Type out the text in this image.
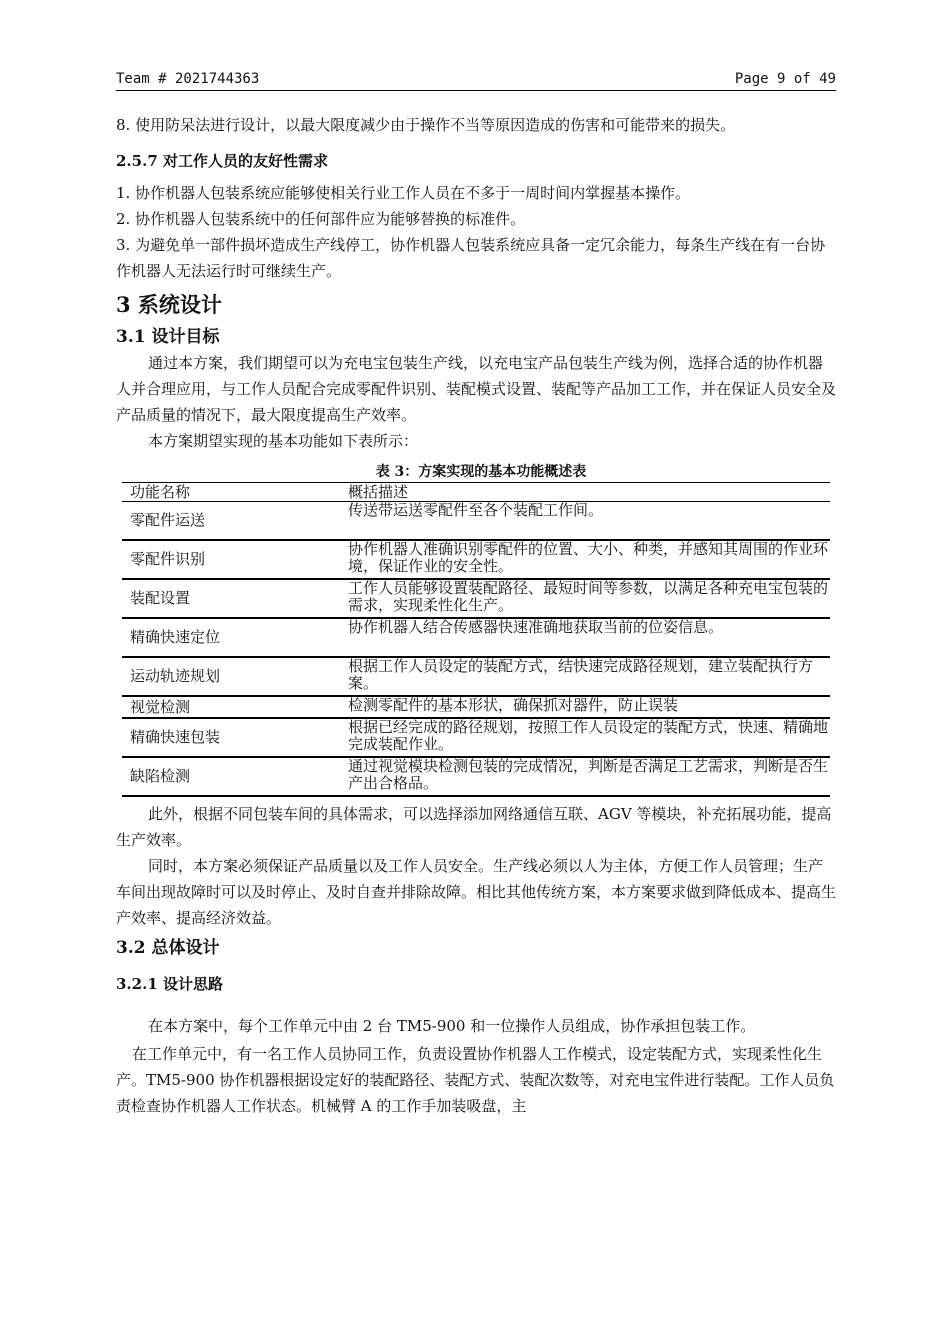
Team # 2021744363	Page 9 of 49

8. 使用防呆法进行设计，以最大限度减少由于操作不当等原因造成的伤害和可能带来的损失。

2.5.7 对工作人员的友好性需求

1. 协作机器人包装系统应能够使相关行业工作人员在不多于一周时间内掌握基本操作。

2. 协作机器人包装系统中的任何部件应为能够替换的标准件。

3. 为避免单一部件损坏造成生产线停工，协作机器人包装系统应具备一定冗余能力，每条生产线在有一台协作机器人无法运行时可继续生产。

3 系统设计
3.1 设计目标

通过本方案，我们期望可以为充电宝包装生产线，以充电宝产品包装生产线为例，选择合适的协作机器人并合理应用，与工作人员配合完成零配件识别、装配模式设置、装配等产品加工工作，并在保证人员安全及产品质量的情况下，最大限度提高生产效率。

本方案期望实现的基本功能如下表所示：

表 3：方案实现的基本功能概述表
功能名称	概括描述
零配件运送	传送带运送零配件至各个装配工作间。
零配件识别	协作机器人准确识别零配件的位置、大小、种类，并感知其周围的作业环境，保证作业的安全性。
装配设置	工作人员能够设置装配路径、最短时间等参数，以满足各种充电宝包装的需求，实现柔性化生产。
精确快速定位	协作机器人结合传感器快速准确地获取当前的位姿信息。
运动轨迹规划	根据工作人员设定的装配方式，结快速完成路径规划，建立装配执行方案。
视觉检测	检测零配件的基本形状，确保抓对器件，防止误装
精确快速包装	根据已经完成的路径规划，按照工作人员设定的装配方式，快速、精确地完成装配作业。
缺陷检测	通过视觉模块检测包装的完成情况，判断是否满足工艺需求，判断是否生产出合格品。

此外，根据不同包装车间的具体需求，可以选择添加网络通信互联、AGV 等模块，补充拓展功能，提高生产效率。

同时，本方案必须保证产品质量以及工作人员安全。生产线必须以人为主体，方便工作人员管理；生产车间出现故障时可以及时停止、及时自查并排除故障。相比其他传统方案，本方案要求做到降低成本、提高生产效率、提高经济效益。

3.2 总体设计
3.2.1 设计思路

在本方案中，每个工作单元中由 2 台 TM5-900 和一位操作人员组成，协作承担包装工作。

在工作单元中，有一名工作人员协同工作，负责设置协作机器人工作模式，设定装配方式，实现柔性化生产。TM5-900 协作机器根据设定好的装配路径、装配方式、装配次数等，对充电宝件进行装配。工作人员负责检查协作机器人工作状态。机械臂 A 的工作手加装吸盘，主
